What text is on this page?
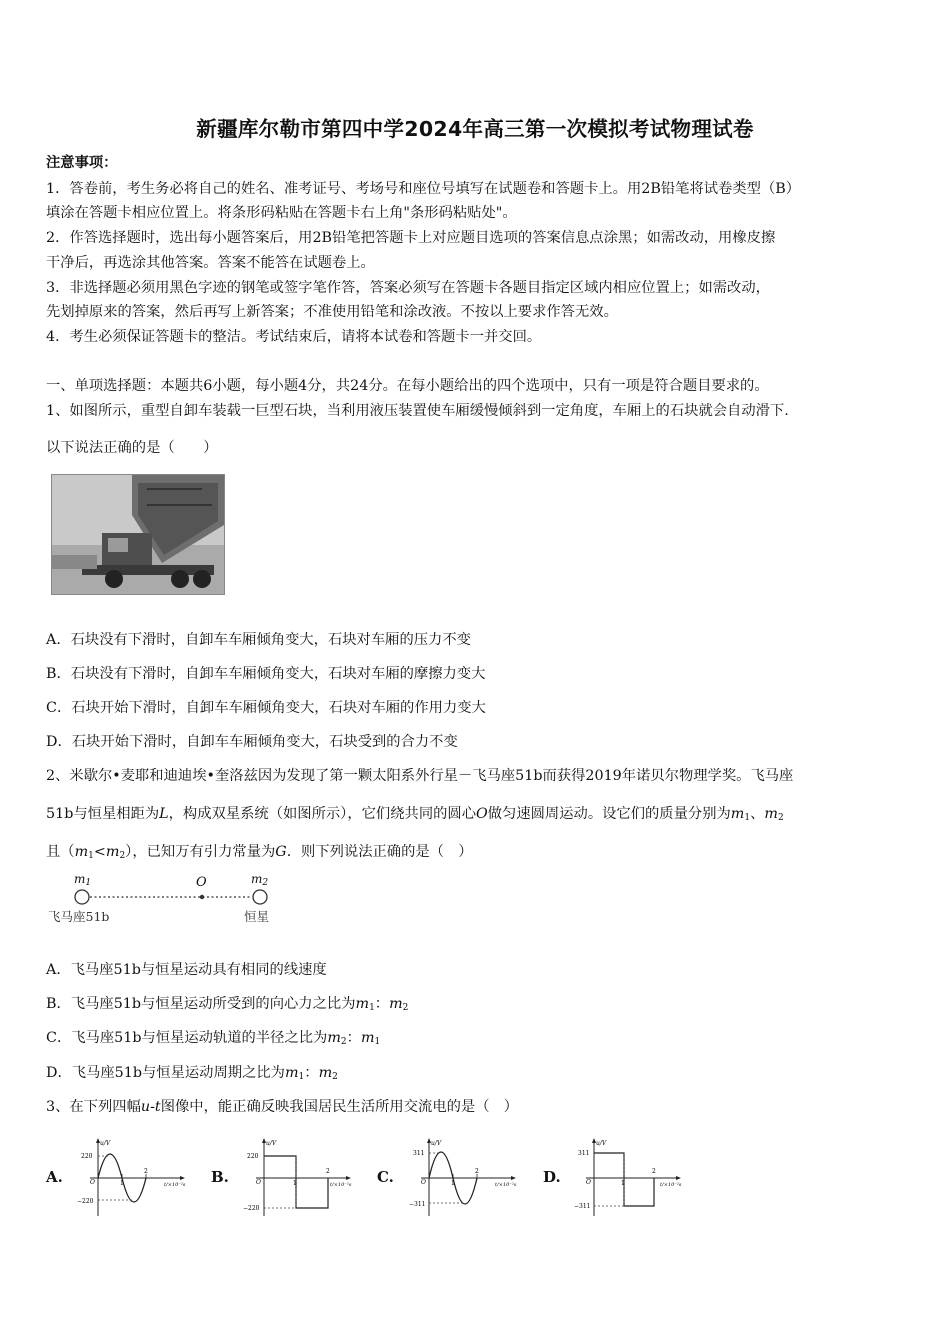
新疆库尔勒市第四中学2024年高三第一次模拟考试物理试卷
注意事项：
1．答卷前，考生务必将自己的姓名、准考证号、考场号和座位号填写在试题卷和答题卡上。用2B铅笔将试卷类型（B）
填涂在答题卡相应位置上。将条形码粘贴在答题卡右上角"条形码粘贴处"。
2．作答选择题时，选出每小题答案后，用2B铅笔把答题卡上对应题目选项的答案信息点涂黑；如需改动，用橡皮擦
干净后，再选涂其他答案。答案不能答在试题卷上。
3．非选择题必须用黑色字迹的钢笔或签字笔作答，答案必须写在答题卡各题目指定区域内相应位置上；如需改动，
先划掉原来的答案，然后再写上新答案；不准使用铅笔和涂改液。不按以上要求作答无效。
4．考生必须保证答题卡的整洁。考试结束后，请将本试卷和答题卡一并交回。
一、单项选择题：本题共6小题，每小题4分，共24分。在每小题给出的四个选项中，只有一项是符合题目要求的。
1、如图所示，重型自卸车装载一巨型石块，当利用液压装置使车厢缓慢倾斜到一定角度，车厢上的石块就会自动滑下.
以下说法正确的是（　　）
A．石块没有下滑时，自卸车车厢倾角变大，石块对车厢的压力不变
B．石块没有下滑时，自卸车车厢倾角变大，石块对车厢的摩擦力变大
C．石块开始下滑时，自卸车车厢倾角变大，石块对车厢的作用力变大
D．石块开始下滑时，自卸车车厢倾角变大，石块受到的合力不变
2、米歇尔•麦耶和迪迪埃•奎洛兹因为发现了第一颗太阳系外行星－飞马座51b而获得2019年诺贝尔物理学奖。飞马座
51b与恒星相距为L，构成双星系统（如图所示），它们绕共同的圆心O做匀速圆周运动。设它们的质量分别为$m_1$、$m_2$
且$(m_1<m_2)$，已知万有引力常量为G．则下列说法正确的是（　）
$m_1$	O	$m_2$
飞马座51b	恒星
A．飞马座51b与恒星运动具有相同的线速度
B．飞马座51b与恒星运动所受到的向心力之比为$m_1$：$m_2$
C．飞马座51b与恒星运动轨道的半径之比为$m_2$：$m_1$
D．飞马座51b与恒星运动周期之比为$m_1$：$m_2$
3、在下列四幅u-t图像中，能正确反映我国居民生活所用交流电的是（　）
A.	B.	C.	D.
u/V
220
−220
O	1
2
t/×10⁻²s
u/V
220
−220
O	1
2
t/×10⁻²s
u/V
311
−311
O	1
2
t/×10⁻²s
u/V
311
−311
O	1
2
t/×10⁻²s
